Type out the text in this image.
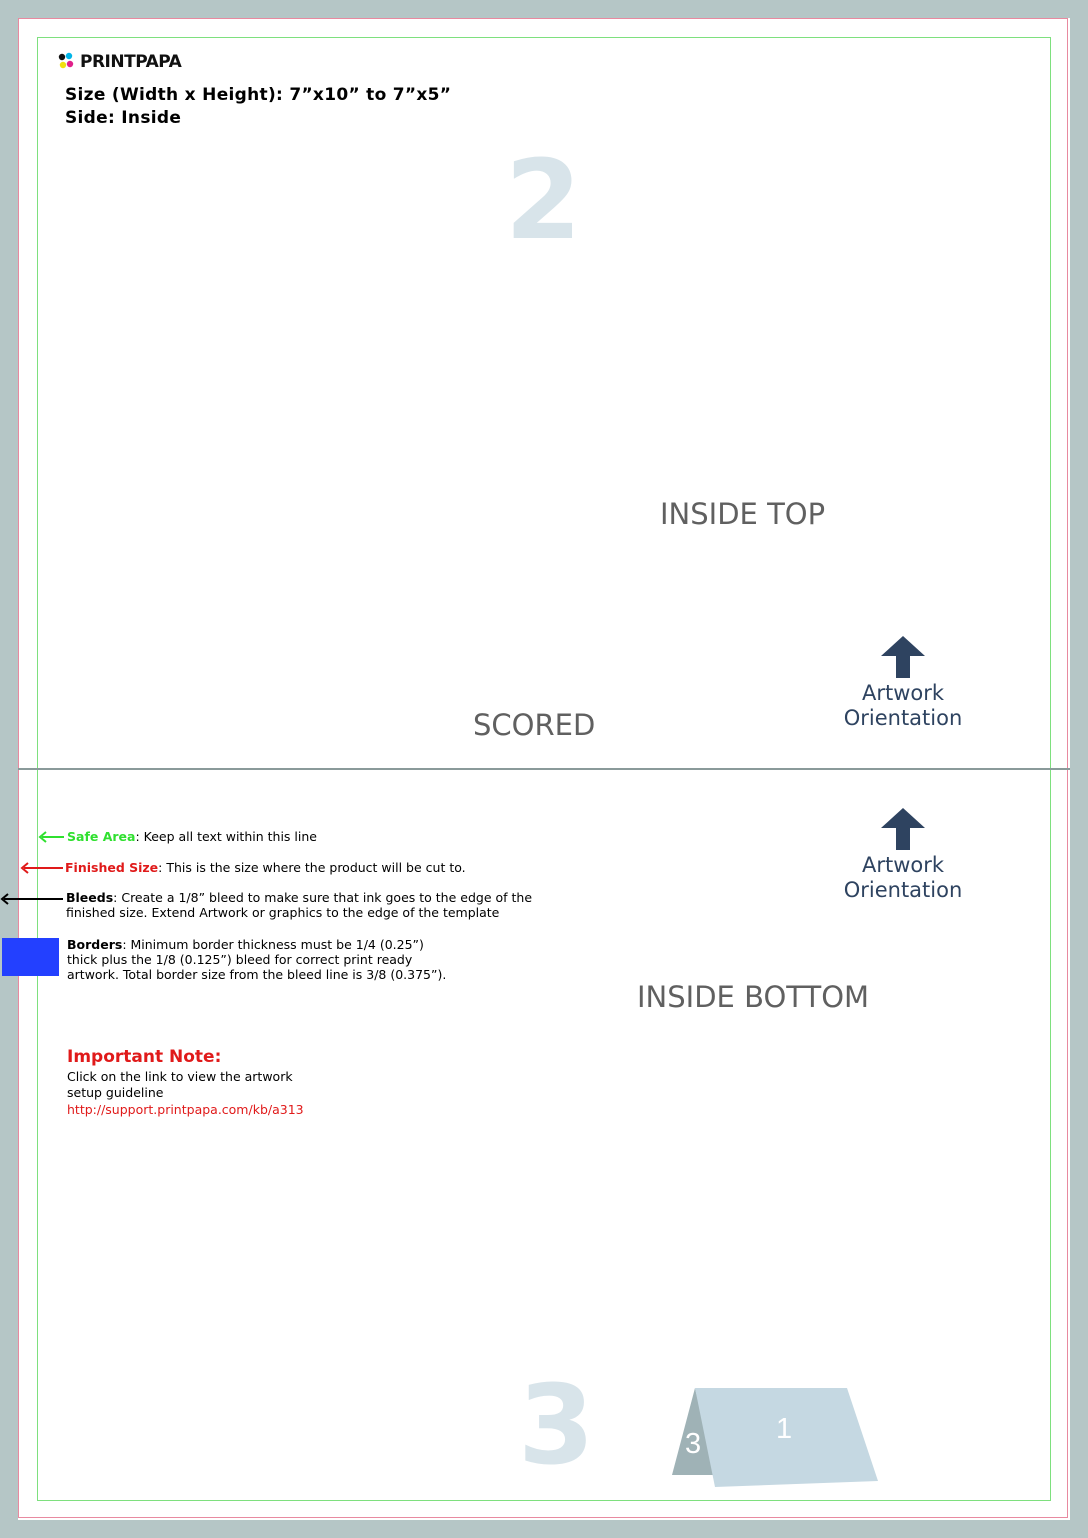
PRINTPAPA
Size (Width x Height): 7”x10” to 7”x5”
Side: Inside
2
INSIDE TOP
SCORED
Artwork
Orientation
Artwork
Orientation
Safe Area: Keep all text within this line
Finished Size: This is the size where the product will be cut to.
Bleeds: Create a 1/8” bleed to make sure that ink goes to the edge of the finished size. Extend Artwork or graphics to the edge of the template
Borders: Minimum border thickness must be 1/4 (0.25”) thick plus the 1/8 (0.125”) bleed for correct print ready artwork. Total border size from the bleed line is 3/8 (0.375”).
Important Note:
Click on the link to view the artwork setup guideline
http://support.printpapa.com/kb/a313
INSIDE BOTTOM
3	3	1
